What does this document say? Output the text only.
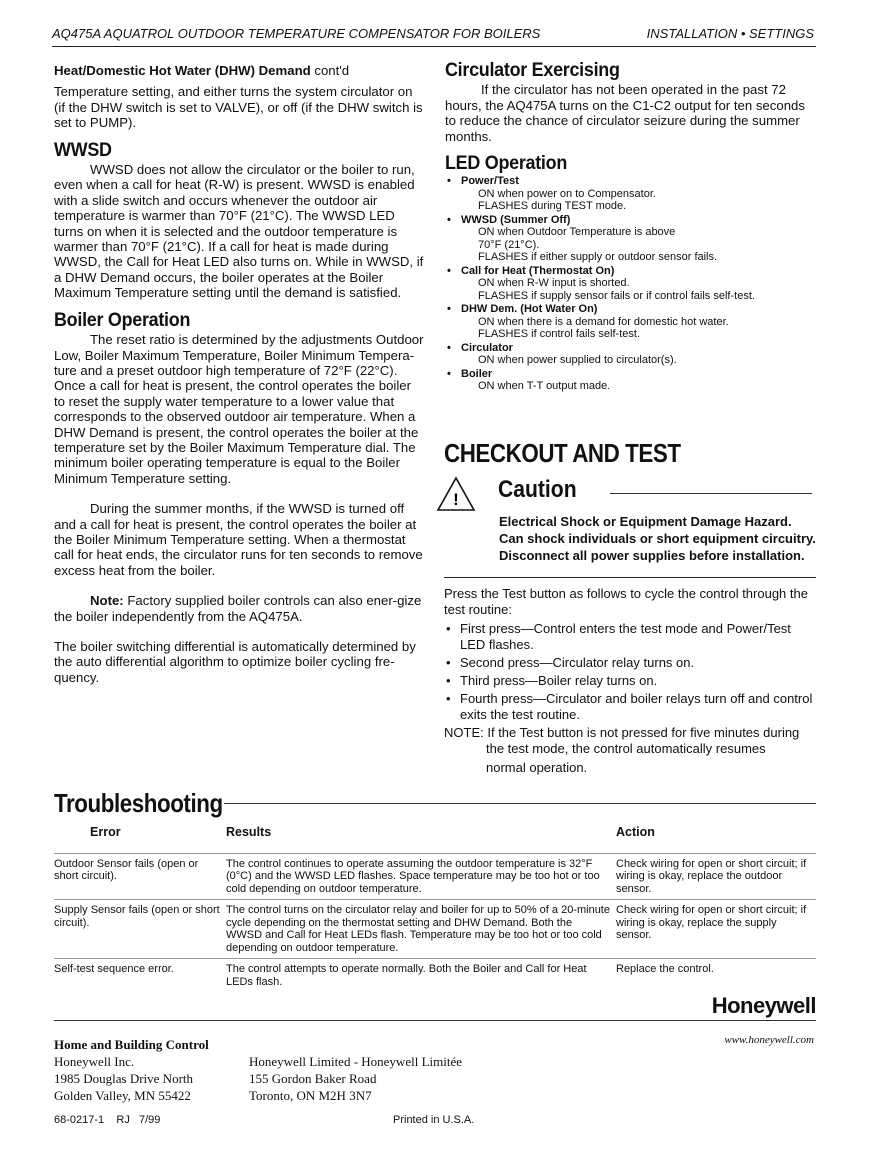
AQ475A AQUATROL OUTDOOR TEMPERATURE COMPENSATOR FOR BOILERS	INSTALLATION • SETTINGS

Heat/Domestic Hot Water (DHW) Demand cont'd

Temperature setting, and either turns the system circulator on (if the DHW switch is set to VALVE), or off (if the DHW switch is set to PUMP).

WWSD

WWSD does not allow the circulator or the boiler to run, even when a call for heat (R-W) is present. WWSD is enabled with a slide switch and occurs whenever the outdoor air temperature is warmer than 70°F (21°C). The WWSD LED turns on when it is selected and the outdoor temperature is warmer than 70°F (21°C). If a call for heat is made during WWSD, the Call for Heat LED also turns on. While in WWSD, if a DHW Demand occurs, the boiler operates at the Boiler Maximum Temperature setting until the demand is satisfied.

Boiler Operation

The reset ratio is determined by the adjustments Outdoor Low, Boiler Maximum Temperature, Boiler Minimum Tempera-ture and a preset outdoor high temperature of 72°F (22°C). Once a call for heat is present, the control operates the boiler to reset the supply water temperature to a lower value that corresponds to the observed outdoor air temperature. When a DHW Demand is present, the control operates the boiler at the temperature set by the Boiler Maximum Temperature dial. The minimum boiler operating temperature is equal to the Boiler Minimum Temperature setting.

During the summer months, if the WWSD is turned off and a call for heat is present, the control operates the boiler at the Boiler Minimum Temperature setting. When a thermostat call for heat ends, the circulator runs for ten seconds to remove excess heat from the boiler.

Note: Factory supplied boiler controls can also ener-gize the boiler independently from the AQ475A.

The boiler switching differential is automatically determined by the auto differential algorithm to optimize boiler cycling fre-quency.

Circulator Exercising

If the circulator has not been operated in the past 72 hours, the AQ475A turns on the C1-C2 output for ten seconds to reduce the chance of circulator seizure during the summer months.

LED Operation
• Power/Test
ON when power on to Compensator.
FLASHES during TEST mode.
• WWSD (Summer Off)
ON when Outdoor Temperature is above
70°F (21°C).
FLASHES if either supply or outdoor sensor fails.
• Call for Heat (Thermostat On)
ON when R-W input is shorted.
FLASHES if supply sensor fails or if control fails self-test.
• DHW Dem. (Hot Water On)
ON when there is a demand for domestic hot water.
FLASHES if control fails self-test.
• Circulator
ON when power supplied to circulator(s).
• Boiler
ON when T-T output made.
CHECKOUT AND TEST
! Caution
Electrical Shock or Equipment Damage Hazard.
Can shock individuals or short equipment circuitry.
Disconnect all power supplies before installation.
Press the Test button as follows to cycle the control through the test routine:
• First press—Control enters the test mode and Power/Test LED flashes.
• Second press—Circulator relay turns on.
• Third press—Boiler relay turns on.
• Fourth press—Circulator and boiler relays turn off and control exits the test routine.
NOTE: If the Test button is not pressed for five minutes during
the test mode, the control automatically resumes
normal operation.
Troubleshooting
Error	Results	Action
Outdoor Sensor fails (open or short circuit).	The control continues to operate assuming the outdoor temperature is 32°F (0°C) and the WWSD LED flashes. Space temperature may be too hot or too cold depending on outdoor temperature.	Check wiring for open or short circuit; if wiring is okay, replace the outdoor sensor.
Supply Sensor fails (open or short circuit).	The control turns on the circulator relay and boiler for up to 50% of a 20-minute cycle depending on the thermostat setting and DHW Demand. Both the WWSD and Call for Heat LEDs flash. Temperature may be too hot or too cold depending on outdoor temperature.	Check wiring for open or short circuit; if wiring is okay, replace the supply sensor.
Self-test sequence error.	The control attempts to operate normally. Both the Boiler and Call for Heat LEDs flash.	Replace the control.
Honeywell
Home and Building Control
Honeywell Inc.
1985 Douglas Drive North
Golden Valley, MN 55422
Honeywell Limited - Honeywell Limitée
155 Gordon Baker Road
Toronto, ON M2H 3N7
www.honeywell.com
68-0217-1    RJ   7/99	Printed in U.S.A.
